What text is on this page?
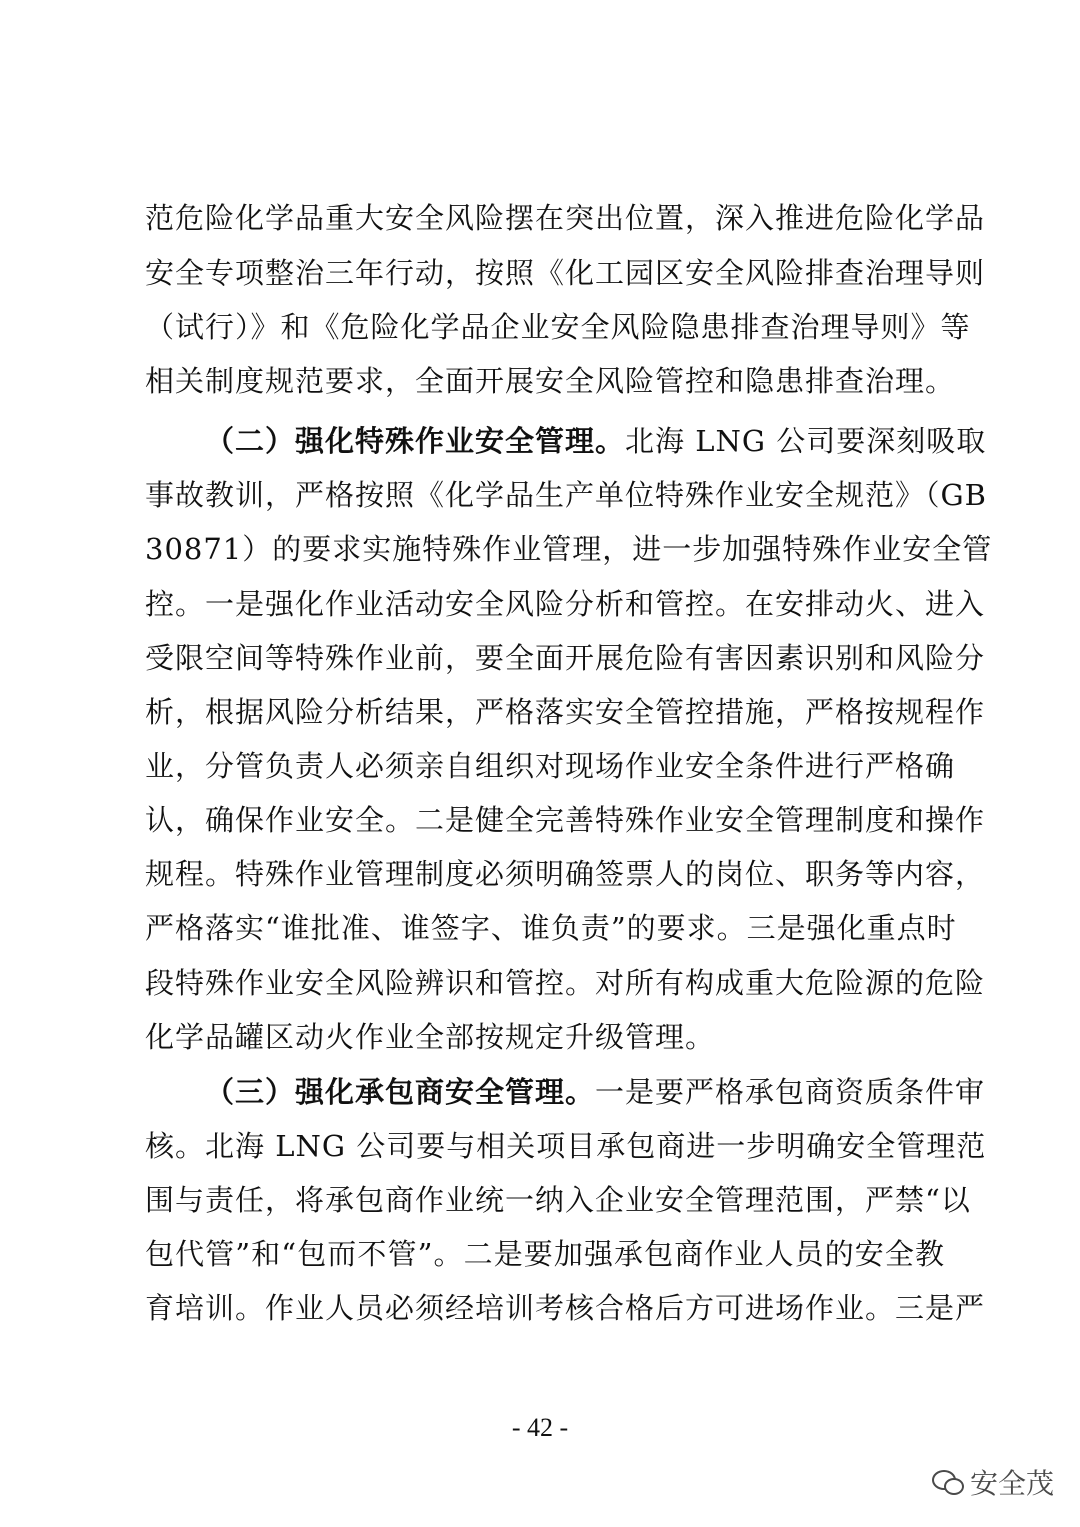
范危险化学品重大安全风险摆在突出位置，深入推进危险化学品
安全专项整治三年行动，按照《化工园区安全风险排查治理导则
（试行）》和《危险化学品企业安全风险隐患排查治理导则》等
相关制度规范要求，全面开展安全风险管控和隐患排查治理。
（二）强化特殊作业安全管理。北海 LNG 公司要深刻吸取
事故教训，严格按照《化学品生产单位特殊作业安全规范》（GB
30871）的要求实施特殊作业管理，进一步加强特殊作业安全管
控。一是强化作业活动安全风险分析和管控。在安排动火、进入
受限空间等特殊作业前，要全面开展危险有害因素识别和风险分
析，根据风险分析结果，严格落实安全管控措施，严格按规程作
业，分管负责人必须亲自组织对现场作业安全条件进行严格确
认，确保作业安全。二是健全完善特殊作业安全管理制度和操作
规程。特殊作业管理制度必须明确签票人的岗位、职务等内容，
严格落实“谁批准、谁签字、谁负责”的要求。三是强化重点时
段特殊作业安全风险辨识和管控。对所有构成重大危险源的危险
化学品罐区动火作业全部按规定升级管理。
（三）强化承包商安全管理。一是要严格承包商资质条件审
核。北海 LNG 公司要与相关项目承包商进一步明确安全管理范
围与责任，将承包商作业统一纳入企业安全管理范围，严禁“以
包代管”和“包而不管”。二是要加强承包商作业人员的安全教
育培训。作业人员必须经培训考核合格后方可进场作业。三是严
- 42 -
安全茂
